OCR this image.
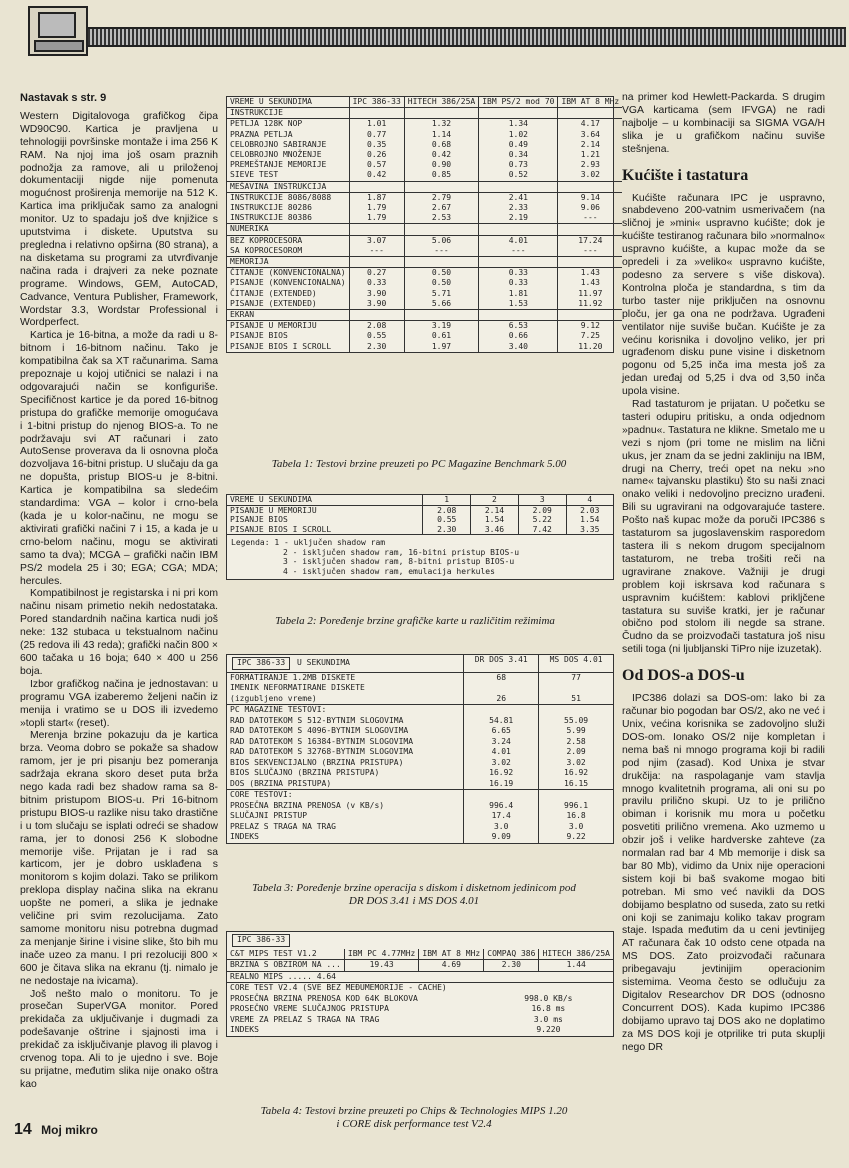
Nastavak s str. 9

Western Digitalovoga grafičkog čipa WD90C90. Kartica je pravljena u tehnologiji površinske montaže i ima 256 K RAM. Na njoj ima još osam praznih podnožja za ramove, ali u priloženoj dokumentaciji nigde nije pomenuta mogućnost proširenja memorije na 512 K. Kartica ima priključak samo za analogni monitor. Uz to spadaju još dve knjižice s uputstvima i diskete. Uputstva su pregledna i relativno opširna (80 strana), a na disketama su programi za utvrđivanje načina rada i drajveri za neke poznate programe. Windows, GEM, AutoCAD, Cadvance, Ventura Publisher, Framework, Wordstar 3.3, Wordstar Professional i Wordperfect.

Kartica je 16-bitna, a može da radi u 8-bitnom i 16-bitnom načinu. Tako je kompatibilna čak sa XT računarima. Sama prepoznaje u kojoj utičnici se nalazi i na odgovarajući način se konfiguriše. Specifičnost kartice je da pored 16-bitnog pristupa do grafičke memorije omogućava i 1-bitni pristup do njenog BIOS-a. To ne podržavaju svi AT računari i zato AutoSense proverava da li osnovna ploča dozvoljava 16-bitni pristup. U slučaju da ga ne dopušta, pristup BIOS-u je 8-bitni. Kartica je kompatibilna sa sledećim standardima: VGA – kolor i crno-bela (kada je u kolor-načinu, ne mogu se aktivirati grafički načini 7 i 15, a kada je u crno-belom načinu, mogu se aktivirati samo ta dva); MCGA – grafički način IBM PS/2 modela 25 i 30; EGA; CGA; MDA; hercules.

Kompatibilnost je registarska i ni pri kom načinu nisam primetio nekih nedostataka. Pored standardnih načina kartica nudi još neke: 132 stubaca u tekstualnom načinu (25 redova ili 43 reda); grafički način 800 × 600 tačaka u 16 boja; 640 × 400 u 256 boja.

Izbor grafičkog načina je jednostavan: u programu VGA izaberemo željeni način iz menija i vratimo se u DOS ili izvedemo »topli start« (reset).

Merenja brzine pokazuju da je kartica brza. Veoma dobro se pokaže sa shadow ramom, jer je pri pisanju bez pomeranja sadržaja ekrana skoro deset puta brža nego kada radi bez shadow rama sa 8-bitnim pristupom BIOS-u. Pri 16-bitnom pristupu BIOS-u razlike nisu tako drastične i u tom slučaju se isplati odreći se shadow rama, jer to donosi 256 K slobodne memorije više. Prijatan je i rad sa karticom, jer je dobro usklađena s monitorom s kojim dolazi. Tako se prilikom preklopa display načina slika na ekranu uopšte ne pomeri, a slika je jednake veličine pri svim rezolucijama. Zato samome monitoru nisu potrebna dugmad za menjanje širine i visine slike, što bih mu inače uzeo za manu. I pri rezoluciji 800 × 600 je čitava slika na ekranu (tj. nimalo je ne nedostaje na ivicama).

Još nešto malo o monitoru. To je prosečan SuperVGA monitor. Pored prekidača za uključivanje i dugmadi za podešavanje oštrine i sjajnosti ima i prekidač za isključivanje plavog ili plavog i crvenog topa. Ali to je ujedno i sve. Boje su prijatne, međutim slika nije onako oštra kao

na primer kod Hewlett-Packarda. S drugim VGA karticama (sem IFVGA) ne radi najbolje – u kombinaciji sa SIGMA VGA/H slika je u grafičkom načinu suviše stešnjena.

Kućište i tastatura

Kućište računara IPC je uspravno, snabdeveno 200-vatnim usmerivačem (na sličnoj je »mini« uspravno kućište; dok je kućište testiranog računara bilo »normalno« uspravno kućište, a kupac može da se opredeli i za »veliko« uspravno kućište, podesno za servere s više diskova). Kontrolna ploča je standardna, s tim da turbo taster nije priključen na osnovnu ploču, jer ga ona ne podržava. Ugrađeni ventilator nije suviše bučan. Kućište je za većinu korisnika i dovoljno veliko, jer pri ugrađenom disku pune visine i disketnom pogonu od 5,25 inča ima mesta još za jedan uređaj od 5,25 i dva od 3,50 inča upola visine.

Rad tastaturom je prijatan. U početku se tasteri odupiru pritisku, a onda odjednom »padnu«. Tastatura ne klikne. Smetalo me u vezi s njom (pri tome ne mislim na lični ukus, jer znam da se jedni zakliniju na IBM, drugi na Cherry, treći opet na neku »no name« tajvansku plastiku) što su naši znaci onako veliki i nedovoljno precizno urađeni. Bili su ugravirani na odgovarajuće tastere. Pošto naš kupac može da poruči IPC386 s tastaturom sa jugoslavenskim rasporedom tastera ili s nekom drugom specijalnom tastaturom, ne treba trošiti reči na ugravirane znakove. Važniji je drugi problem koji iskrsava kod računara s uspravnim kućištem: kablovi prikljčene tastatura su suviše kratki, jer je računar obično pod stolom ili negde sa strane. Čudno da se proizvođači tastatura još nisu setili toga (ni ljubljanski TiPro nije izuzetak).

Od DOS-a DOS-u

IPC386 dolazi sa DOS-om: lako bi za računar bio pogodan bar OS/2, ako ne već i Unix, većina korisnika se zadovoljno služi DOS-om. Ionako OS/2 nije kompletan i nema baš ni mnogo programa koji bi radili pod njim (zasad). Kod Unixa je stvar drukčija: na raspolaganje vam stavlja mnogo kvalitetnih programa, ali oni su po pravilu prilično skupi. Uz to je prilično obiman i korisnik mu mora u početku posvetiti prilično vremena. Ako uzmemo u obzir još i velike hardverske zahteve (za normalan rad bar 4 Mb memorije i disk sa bar 80 Mb), vidimo da Unix nije operacioni sistem koji bi baš svakome mogao biti potreban. Mi smo već navikli da DOS dobijamo besplatno od suseda, zato su retki oni koji se zanimaju koliko takav program staje. Ispada međutim da u ceni jevtinijeg AT računara čak 10 odsto cene otpada na MS DOS. Zato proizvođači računara pribegavaju jevtinijim operacionim sistemima. Veoma često se odlučuju za Digitalov Researchov DR DOS (odnosno Concurrent DOS). Kada kupimo IPC386 dobijamo upravo taj DOS ako ne doplatimo za MS DOS koji je otprilike tri puta skuplji nego DR

VREME U SEKUNDIMA	IPC 386-33	HITECH 386/25A	IBM PS/2 mod 70	IBM AT 8 MHz
INSTRUKCIJE				
PETLJA 128K NOP	1.01	1.32	1.34	4.17
PRAZNA PETLJA	0.77	1.14	1.02	3.64
CELOBROJNO SABIRANJE	0.35	0.68	0.49	2.14
CELOBROJNO MNOŽENJE	0.26	0.42	0.34	1.21
PREMEŠTANJE MEMORIJE	0.57	0.90	0.73	2.93
SIEVE TEST	0.42	0.85	0.52	3.02
MEŠAVINA INSTRUKCIJA				
INSTRUKCIJE 8086/8088	1.87	2.79	2.41	9.14
INSTRUKCIJE 80286	1.79	2.67	2.33	9.06
INSTRUKCIJE 80386	1.79	2.53	2.19	---
NUMERIKA				
BEZ KOPROCESORA	3.07	5.06	4.01	17.24
SA KOPROCESOROM	---	---	---	---
MEMORIJA				
ČITANJE (KONVENCIONALNA)	0.27	0.50	0.33	1.43
PISANJE (KONVENCIONALNA)	0.33	0.50	0.33	1.43
ČITANJE (EXTENDED)	3.90	5.71	1.81	11.97
PISANJE (EXTENDED)	3.90	5.66	1.53	11.92
EKRAN				
PISANJE U MEMORIJU	2.08	3.19	6.53	9.12
PISANJE BIOS	0.55	0.61	0.66	7.25
PISANJE BIOS I SCROLL	2.30	1.97	3.40	11.20
Tabela 1: Testovi brzine preuzeti po PC Magazine Benchmark 5.00
VREME U SEKUNDIMA	1	2	3	4
PISANJE U MEMORIJU	2.08	2.14	2.09	2.03
PISANJE BIOS	0.55	1.54	5.22	1.54
PISANJE BIOS I SCROLL	2.30	3.46	7.42	3.35
Legenda: 1 - uključen shadow ram
2 - isključen shadow ram, 16-bitni pristup BIOS-u
3 - isključen shadow ram, 8-bitni pristup BIOS-u
4 - isključen shadow ram, emulacija herkules
Tabela 2: Poređenje brzine grafičke karte u različitim režimima
IPC 386-33 U SEKUNDIMA	DR DOS 3.41	MS DOS 4.01
FORMATIRANJE 1.2MB DISKETE	68	77
IMENIK NEFORMATIRANE DISKETE		
(izgubljeno vreme)	26	51
PC MAGAZINE TESTOVI:		
RAD DATOTEKOM S 512-BYTNIM SLOGOVIMA	54.81	55.09
RAD DATOTEKOM S 4096-BYTNIM SLOGOVIMA	6.65	5.99
RAD DATOTEKOM S 16384-BYTNIM SLOGOVIMA	3.24	2.58
RAD DATOTEKOM S 32768-BYTNIM SLOGOVIMA	4.01	2.09
BIOS SEKVENCIJALNO (BRZINA PRISTUPA)	3.02	3.02
BIOS SLUČAJNO (BRZINA PRISTUPA)	16.92	16.92
DOS (BRZINA PRISTUPA)	16.19	16.15
CORE TESTOVI:		
PROSEČNA BRZINA PRENOSA (v KB/s)	996.4	996.1
SLUČAJNI PRISTUP	17.4	16.8
PRELAZ S TRAGA NA TRAG	3.0	3.0
INDEKS	9.09	9.22
Tabela 3: Poređenje brzine operacija s diskom i disketnom jedinicom pod
DR DOS 3.41 i MS DOS 4.01
IPC 386-33				
C&T MIPS TEST V1.2	IBM PC 4.77MHz	IBM AT 8 MHz	COMPAQ 386	HITECH 386/25A
BRZINA S OBZIROM NA ...	19.43	4.69	2.30	1.44
REALNO MIPS ..... 4.64				
CORE TEST V2.4 (SVE BEZ MEĐUMEMORIJE - CACHE)				
PROSEČNA BRZINA PRENOSA KOD 64K BLOKOVA			998.0 KB/s	
PROSEČNO VREME SLUČAJNOG PRISTUPA			16.8 ms	
VREME ZA PRELAZ S TRAGA NA TRAG			3.0 ms	
INDEKS			9.220	
Tabela 4: Testovi brzine preuzeti po Chips & Technologies MIPS 1.20
i CORE disk performance test V2.4
14 Moj mikro
